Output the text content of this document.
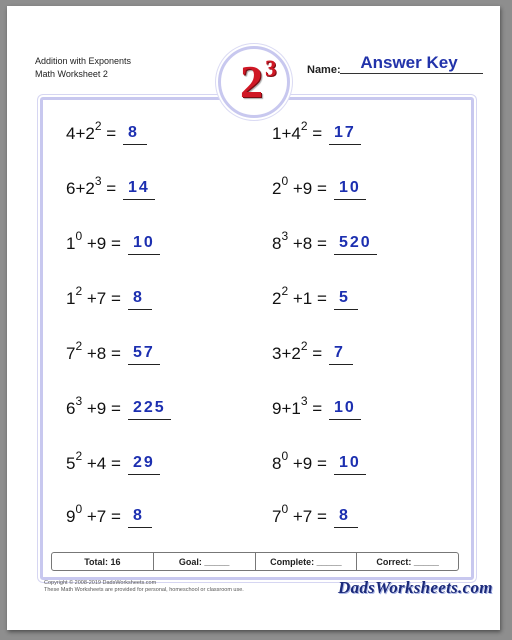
Addition with Exponents
Math Worksheet 2	2 3	Name:	Answer Key
$4+2^2 = 8$
$6+2^3 = 14$
$1^0 +9 = 10$
$1^2 +7 = 8$
$7^2 +8 = 57$
$6^3 +9 = 225$
$5^2 +4 = 29$
$9^0 +7 = 8$
$1+4^2 = 17$
$2^0 +9 = 10$
$8^3 +8 = 520$
$2^2 +1 = 5$
$3+2^2 = 7$
$9+1^3 = 10$
$8^0 +9 = 10$
$7^0 +7 = 8$
Total: 16	Goal: _____	Complete: _____	Correct: _____
Copyright © 2008-2019 DadsWorksheets.com
These Math Worksheets are provided for personal, homeschool or classroom use.	DadsWorksheets.com
